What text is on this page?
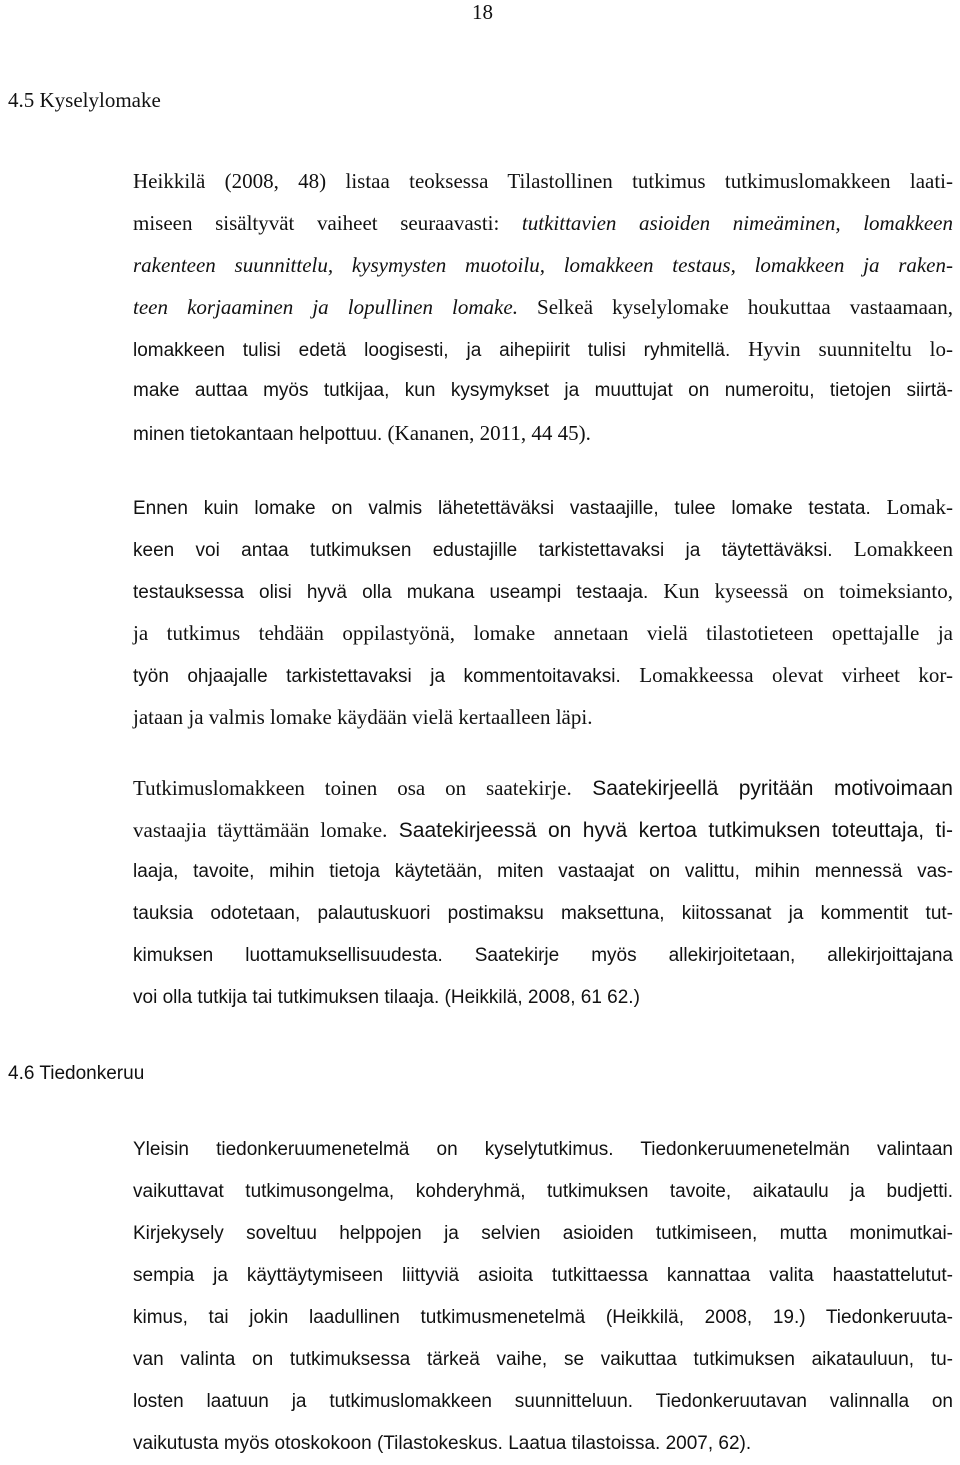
18
4.5 Kyselylomake
Heikkilä (2008, 48) listaa teoksessa Tilastollinen tutkimus tutkimuslomakkeen laati-
miseen sisältyvät vaiheet seuraavasti: tutkittavien asioiden nimeäminen, lomakkeen
rakenteen suunnittelu, kysymysten muotoilu, lomakkeen testaus, lomakkeen ja raken-
teen korjaaminen ja lopullinen lomake. Selkeä kyselylomake houkuttaa vastaamaan,
lomakkeen tulisi edetä loogisesti, ja aihepiirit tulisi ryhmitellä. Hyvin suunniteltu lo-
make auttaa myös tutkijaa, kun kysymykset ja muuttujat on numeroitu, tietojen siirtä-
minen tietokantaan helpottuu. (Kananen, 2011, 44 45).
Ennen kuin lomake on valmis lähetettäväksi vastaajille, tulee lomake testata. Lomak-
keen voi antaa tutkimuksen edustajille tarkistettavaksi ja täytettäväksi. Lomakkeen
testauksessa olisi hyvä olla mukana useampi testaaja. Kun kyseessä on toimeksianto,
ja tutkimus tehdään oppilastyönä, lomake annetaan vielä tilastotieteen opettajalle ja
työn ohjaajalle tarkistettavaksi ja kommentoitavaksi. Lomakkeessa olevat virheet kor-
jataan ja valmis lomake käydään vielä kertaalleen läpi.
Tutkimuslomakkeen toinen osa on saatekirje. Saatekirjeellä pyritään motivoimaan
vastaajia täyttämään lomake. Saatekirjeessä on hyvä kertoa tutkimuksen toteuttaja, ti-
laaja, tavoite, mihin tietoja käytetään, miten vastaajat on valittu, mihin mennessä vas-
tauksia odotetaan, palautuskuori postimaksu maksettuna, kiitossanat ja kommentit tut-
kimuksen luottamuksellisuudesta. Saatekirje myös allekirjoitetaan, allekirjoittajana
voi olla tutkija tai tutkimuksen tilaaja. (Heikkilä, 2008, 61 62.)
4.6 Tiedonkeruu
Yleisin tiedonkeruumenetelmä on kyselytutkimus. Tiedonkeruumenetelmän valintaan
vaikuttavat tutkimusongelma, kohderyhmä, tutkimuksen tavoite, aikataulu ja budjetti.
Kirjekysely soveltuu helppojen ja selvien asioiden tutkimiseen, mutta monimutkai-
sempia ja käyttäytymiseen liittyviä asioita tutkittaessa kannattaa valita haastattelutut-
kimus, tai jokin laadullinen tutkimusmenetelmä (Heikkilä, 2008, 19.) Tiedonkeruuta-
van valinta on tutkimuksessa tärkeä vaihe, se vaikuttaa tutkimuksen aikatauluun, tu-
losten laatuun ja tutkimuslomakkeen suunnitteluun. Tiedonkeruutavan valinnalla on
vaikutusta myös otoskokoon (Tilastokeskus. Laatua tilastoissa. 2007, 62).
